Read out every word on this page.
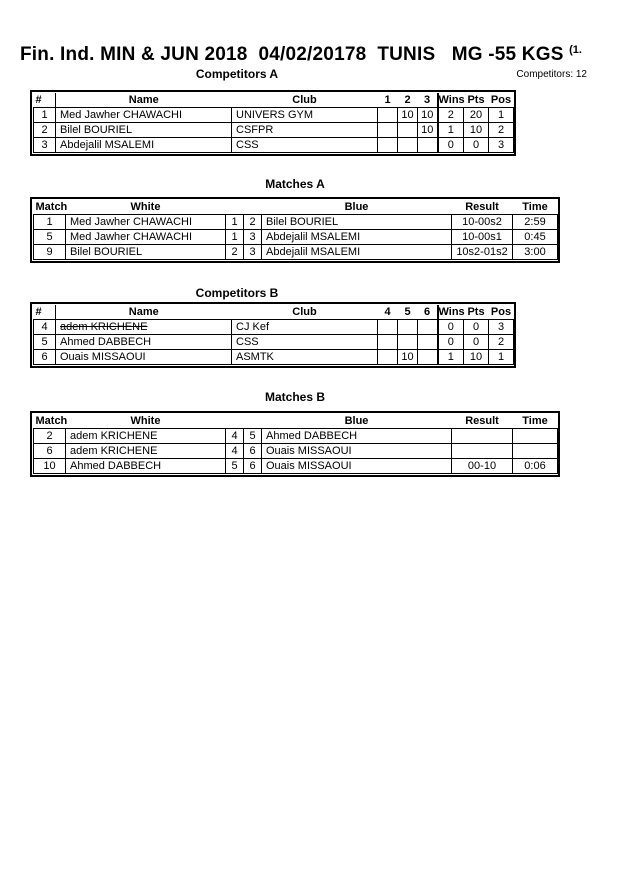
Fin. Ind. MIN & JUN 2018  04/02/20178  TUNIS   MG -55 KGS $^{(1.}$
Competitors A	Competitors: 12
#	Name	Club	1	2	3	Wins	Pts	Pos
1	Med Jawher CHAWACHI	UNIVERS GYM		10	10	2	20	1
2	Bilel BOURIEL	CSFPR			10	1	10	2
3	Abdejalil MSALEMI	CSS				0	0	3
Matches A
Match	White			Blue	Result	Time
1	Med Jawher CHAWACHI	1	2	Bilel BOURIEL	10-00s2	2:59
5	Med Jawher CHAWACHI	1	3	Abdejalil MSALEMI	10-00s1	0:45
9	Bilel BOURIEL	2	3	Abdejalil MSALEMI	10s2-01s2	3:00
Competitors B
#	Name	Club	4	5	6	Wins	Pts	Pos
4	adem KRICHENE	CJ Kef				0	0	3
5	Ahmed DABBECH	CSS				0	0	2
6	Ouais MISSAOUI	ASMTK		10		1	10	1
Matches B
Match	White			Blue	Result	Time
2	adem KRICHENE	4	5	Ahmed DABBECH		
6	adem KRICHENE	4	6	Ouais MISSAOUI		
10	Ahmed DABBECH	5	6	Ouais MISSAOUI	00-10	0:06
